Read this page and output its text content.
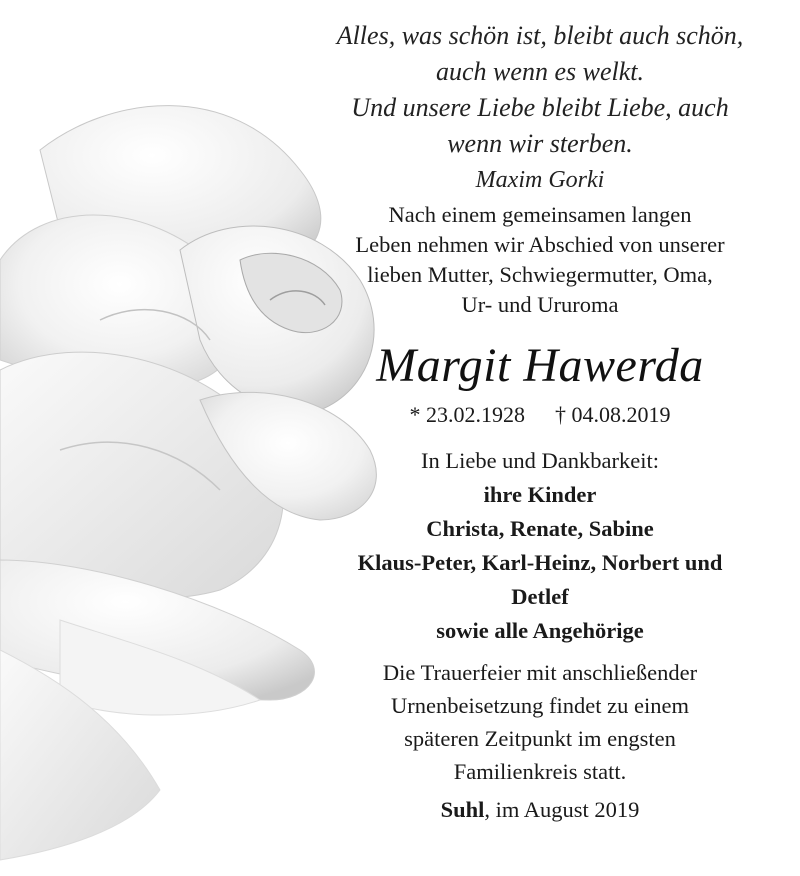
Alles, was schön ist, bleibt auch schön,
auch wenn es welkt.
Und unsere Liebe bleibt Liebe, auch
wenn wir sterben.
Maxim Gorki
Nach einem gemeinsamen langen
Leben nehmen wir Abschied von unserer
lieben Mutter, Schwiegermutter, Oma,
Ur- und Ururoma
Margit Hawerda
* 23.02.1928 † 04.08.2019
In Liebe und Dankbarkeit:
ihre Kinder
Christa, Renate, Sabine
Klaus-Peter, Karl-Heinz, Norbert und
Detlef
sowie alle Angehörige
Die Trauerfeier mit anschließender
Urnenbeisetzung findet zu einem
späteren Zeitpunkt im engsten
Familienkreis statt.
Suhl, im August 2019
